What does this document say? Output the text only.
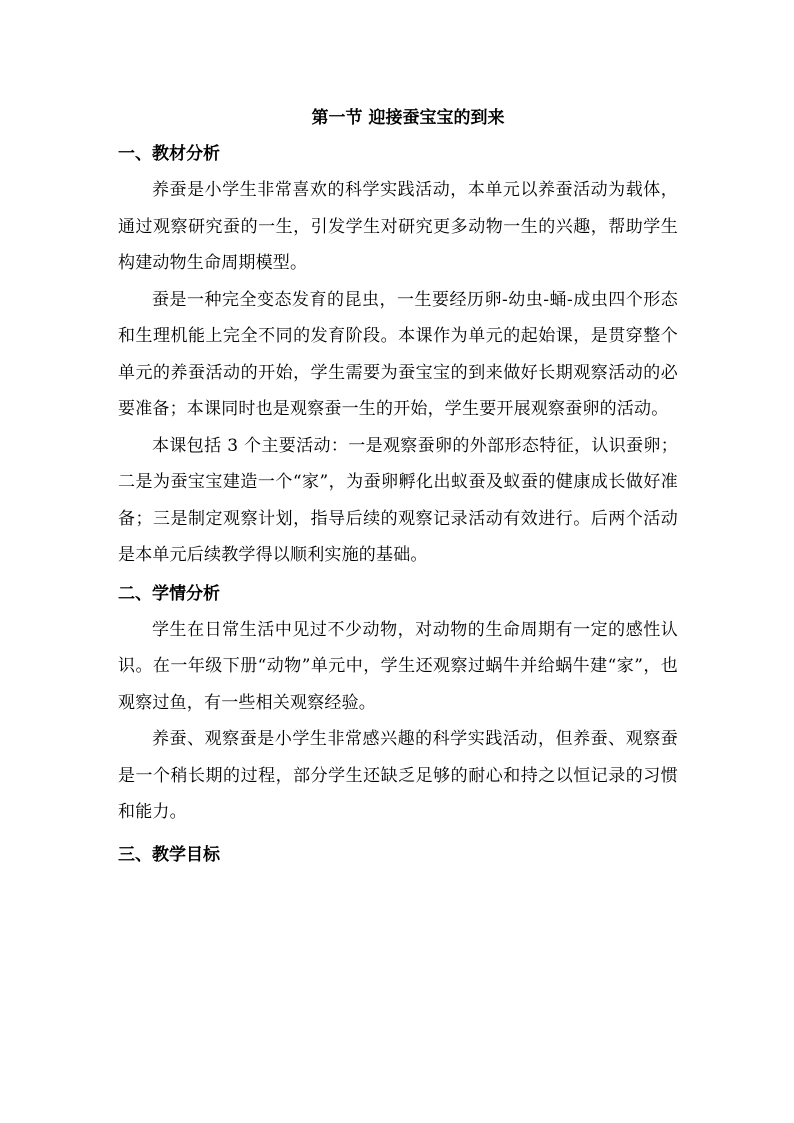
第一节 迎接蚕宝宝的到来
一、教材分析

养蚕是小学生非常喜欢的科学实践活动，本单元以养蚕活动为载体，通过观察研究蚕的一生，引发学生对研究更多动物一生的兴趣，帮助学生构建动物生命周期模型。

蚕是一种完全变态发育的昆虫，一生要经历卵-幼虫-蛹-成虫四个形态和生理机能上完全不同的发育阶段。本课作为单元的起始课，是贯穿整个单元的养蚕活动的开始，学生需要为蚕宝宝的到来做好长期观察活动的必要准备；本课同时也是观察蚕一生的开始，学生要开展观察蚕卵的活动。

本课包括 3 个主要活动：一是观察蚕卵的外部形态特征，认识蚕卵；二是为蚕宝宝建造一个“家”，为蚕卵孵化出蚁蚕及蚁蚕的健康成长做好准备；三是制定观察计划，指导后续的观察记录活动有效进行。后两个活动是本单元后续教学得以顺利实施的基础。

二、学情分析

学生在日常生活中见过不少动物，对动物的生命周期有一定的感性认识。在一年级下册“动物”单元中，学生还观察过蜗牛并给蜗牛建“家”，也观察过鱼，有一些相关观察经验。

养蚕、观察蚕是小学生非常感兴趣的科学实践活动，但养蚕、观察蚕是一个稍长期的过程，部分学生还缺乏足够的耐心和持之以恒记录的习惯和能力。

三、教学目标
